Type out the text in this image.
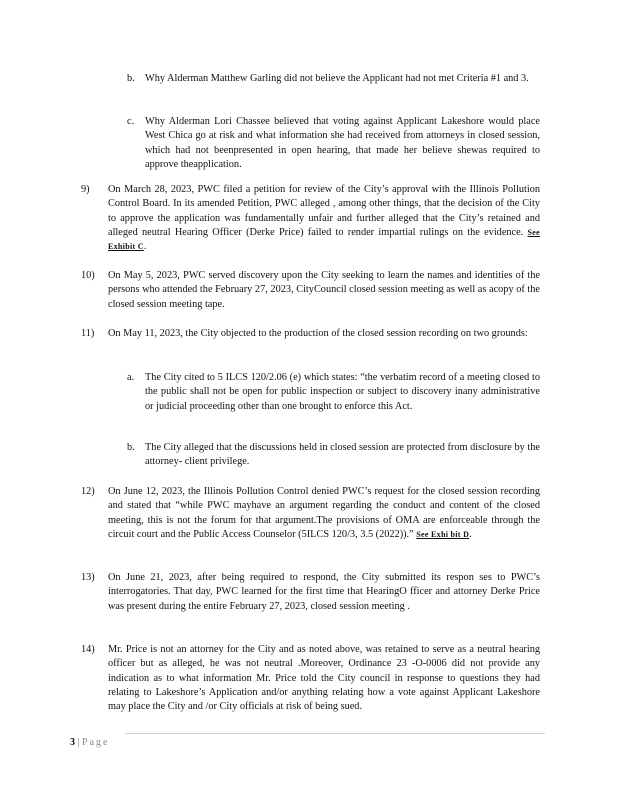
b. Why Alderman Matthew Garling did not believe the Applicant had not met Criteria #1 and 3.
c. Why Alderman Lori Chassee believed that voting against Applicant Lakeshore would place West Chica go at risk and what information she had received from attorneys in closed session, which had not beenpresented in open hearing, that made her believe shewas required to approve theapplication.
9) On March 28, 2023, PWC filed a petition for review of the City’s approval with the Illinois Pollution Control Board. In its amended Petition, PWC alleged , among other things, that the decision of the City to approve the application was fundamentally unfair and further alleged that the City’s retained and alleged neutral Hearing Officer (Derke Price) failed to render impartial rulings on the evidence. See Exhibit C.
10) On May 5, 2023, PWC served discovery upon the City seeking to learn the names and identities of the persons who attended the February 27, 2023, CityCouncil closed session meeting as well as acopy of the closed session meeting tape.
11) On May 11, 2023, the City objected to the production of the closed session recording on two grounds:
a. The City cited to 5 ILCS 120/2.06 (e) which states: “the verbatim record of a meeting closed to the public shall not be open for public inspection or subject to discovery inany administrative or judicial proceeding other than one brought to enforce this Act.
b. The City alleged that the discussions held in closed session are protected from disclosure by the attorney- client privilege.
12) On June 12, 2023, the Illinois Pollution Control denied PWC’s request for the closed session recording and stated that “while PWC mayhave an argument regarding the conduct and content of the closed meeting, this is not the forum for that argument.The provisions of OMA are enforceable through the circuit court and the Public Access Counselor (5ILCS 120/3, 3.5 (2022)).” See Exhi bit D.
13) On June 21, 2023, after being required to respond, the City submitted its respon ses to PWC’s interrogatories. That day, PWC learned for the first time that HearingO fficer and attorney Derke Price was present during the entire February 27, 2023, closed session meeting .
14) Mr. Price is not an attorney for the City and as noted above, was retained to serve as a neutral hearing officer but as alleged, he was not neutral .Moreover, Ordinance 23 -O-0006 did not provide any indication as to what information Mr. Price told the City council in response to questions they had relating to Lakeshore’s Application and/or anything relating how a vote against Applicant Lakeshore may place the City and /or City officials at risk of being sued.
3 | Page
